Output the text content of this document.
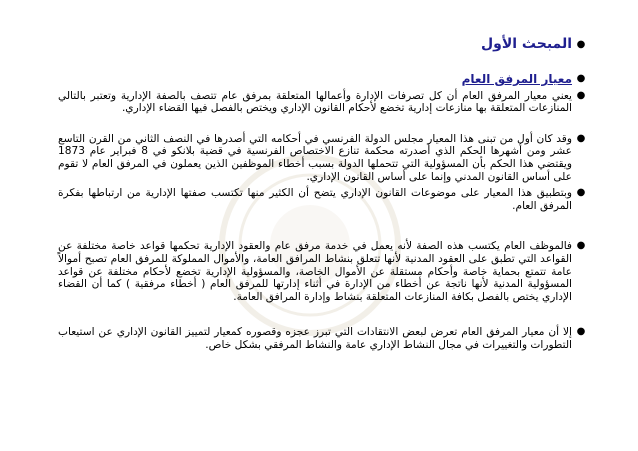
●
المبحث الأول
●
معيار المرفق العام
●
يعني معيار المرفق العام أن كل تصرفات الإدارة وأعمالها المتعلقة بمرفق عام تتصف بالصفة الإدارية وتعتبر بالتالي المنازعات المتعلقة بها منازعات إدارية تخضع لأحكام القانون الإداري ويختص بالفصل فيها القضاء الإداري.
●
وقد كان أول من تبنى هذا المعيار مجلس الدولة الفرنسي في أحكامه التي أصدرها في النصف الثاني من القرن التاسع عشر ومن أشهرها الحكم الذي أصدرته محكمة تنازع الاختصاص الفرنسية في قضية بلانكو في 8 فبراير عام 1873 ويقتضي هذا الحكم بأن المسؤولية التي تتحملها الدولة بسبب أخطاء الموظفين الذين يعملون في المرفق العام لا تقوم على أساس القانون المدني وإنما على أساس القانون الإداري.
●
وبتطبيق هذا المعيار على موضوعات القانون الإداري يتضح أن الكثير منها تكتسب صفتها الإدارية من ارتباطها بفكرة المرفق العام.
●
فالموظف العام يكتسب هذه الصفة لأنه يعمل في خدمة مرفق عام والعقود الإدارية تحكمها قواعد خاصة مختلفة عن القواعد التي تطبق على العقود المدنية لأنها تتعلق بنشاط المرافق العامة، والأموال المملوكة للمرفق العام تصبح أموالاً عامة تتمتع بحماية خاصة وأحكام مستقلة عن الأموال الخاصة، والمسؤولية الإدارية تخضع لأحكام مختلفة عن قواعد المسؤولية المدنية لأنها ناتجة عن أخطاء من الإدارة في أثناء إدارتها للمرفق العام ( أخطاء مرفقية ) كما أن القضاء الإداري يختص بالفصل بكافة المنازعات المتعلقة بنشاط وإدارة المرافق العامة.
●
إلا أن معيار المرفق العام تعرض لبعض الانتقادات التي تبرز عجزه وقصوره كمعيار لتمييز القانون الإداري عن استيعاب التطورات والتغييرات في مجال النشاط الإداري عامة والنشاط المرفقي بشكل خاص.
